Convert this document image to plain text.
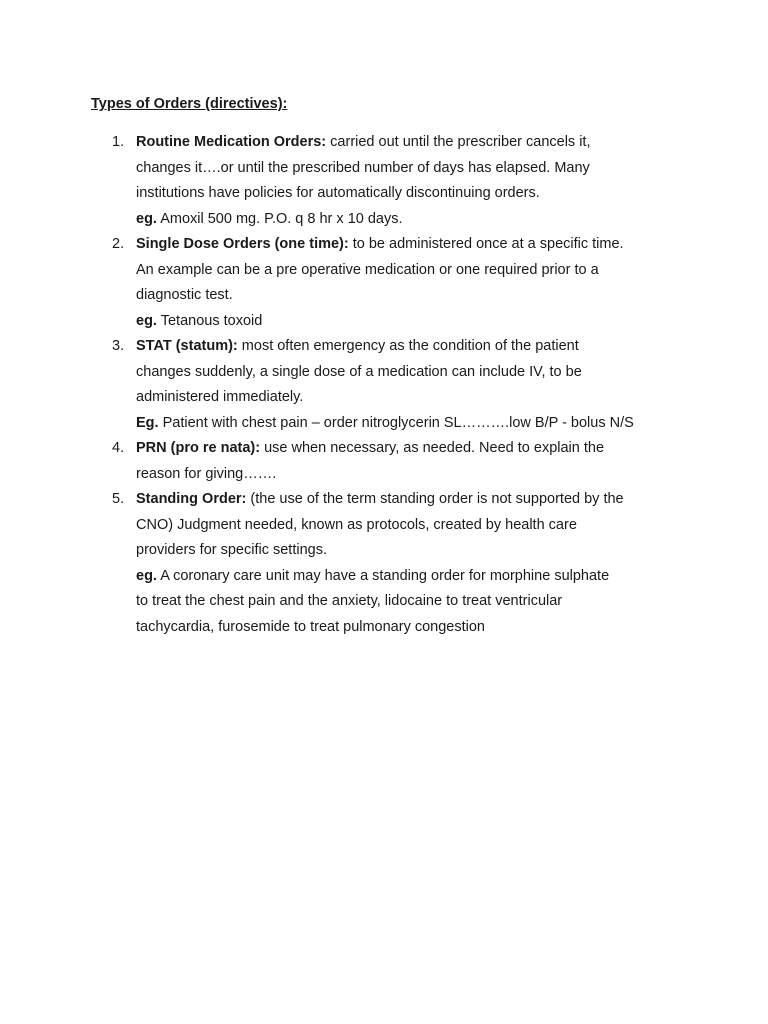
Types of Orders (directives):
1. Routine Medication Orders: carried out until the prescriber cancels it,
changes it….or until the prescribed number of days has elapsed. Many
institutions have policies for automatically discontinuing orders.
eg. Amoxil 500 mg. P.O. q 8 hr x 10 days.
2. Single Dose Orders (one time): to be administered once at a specific time.
An example can be a pre operative medication or one required prior to a
diagnostic test.
eg. Tetanous toxoid
3. STAT (statum): most often emergency as the condition of the patient
changes suddenly, a single dose of a medication can include IV, to be
administered immediately.
Eg. Patient with chest pain – order nitroglycerin SL……….low B/P - bolus N/S
4. PRN (pro re nata): use when necessary, as needed. Need to explain the
reason for giving…….
5. Standing Order: (the use of the term standing order is not supported by the
CNO) Judgment needed, known as protocols, created by health care
providers for specific settings.
eg. A coronary care unit may have a standing order for morphine sulphate
to treat the chest pain and the anxiety, lidocaine to treat ventricular
tachycardia, furosemide to treat pulmonary congestion
